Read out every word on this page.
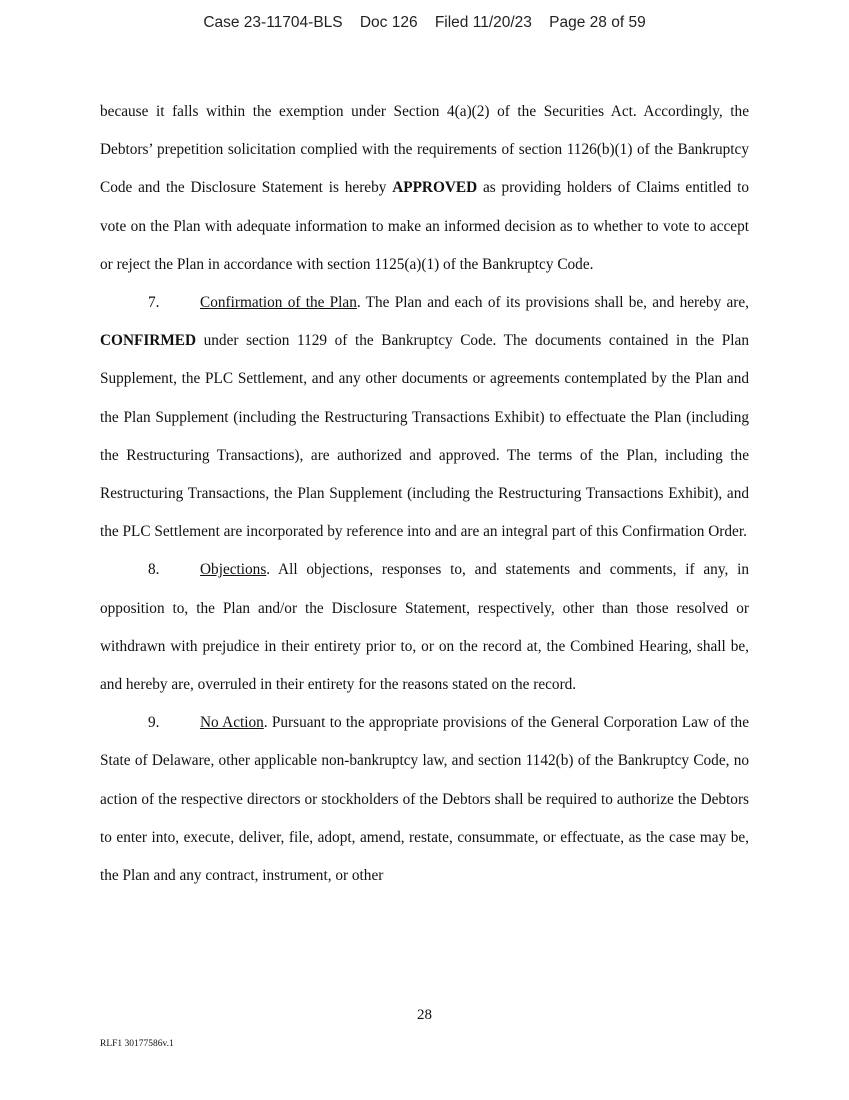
Case 23-11704-BLS Doc 126 Filed 11/20/23 Page 28 of 59

because it falls within the exemption under Section 4(a)(2) of the Securities Act. Accordingly, the Debtors’ prepetition solicitation complied with the requirements of section 1126(b)(1) of the Bankruptcy Code and the Disclosure Statement is hereby APPROVED as providing holders of Claims entitled to vote on the Plan with adequate information to make an informed decision as to whether to vote to accept or reject the Plan in accordance with section 1125(a)(1) of the Bankruptcy Code.

7.	Confirmation of the Plan. The Plan and each of its provisions shall be, and hereby are, CONFIRMED under section 1129 of the Bankruptcy Code. The documents contained in the Plan Supplement, the PLC Settlement, and any other documents or agreements contemplated by the Plan and the Plan Supplement (including the Restructuring Transactions Exhibit) to effectuate the Plan (including the Restructuring Transactions), are authorized and approved. The terms of the Plan, including the Restructuring Transactions, the Plan Supplement (including the Restructuring Transactions Exhibit), and the PLC Settlement are incorporated by reference into and are an integral part of this Confirmation Order.

8.	Objections. All objections, responses to, and statements and comments, if any, in opposition to, the Plan and/or the Disclosure Statement, respectively, other than those resolved or withdrawn with prejudice in their entirety prior to, or on the record at, the Combined Hearing, shall be, and hereby are, overruled in their entirety for the reasons stated on the record.

9.	No Action. Pursuant to the appropriate provisions of the General Corporation Law of the State of Delaware, other applicable non-bankruptcy law, and section 1142(b) of the Bankruptcy Code, no action of the respective directors or stockholders of the Debtors shall be required to authorize the Debtors to enter into, execute, deliver, file, adopt, amend, restate, consummate, or effectuate, as the case may be, the Plan and any contract, instrument, or other

28

RLF1 30177586v.1
